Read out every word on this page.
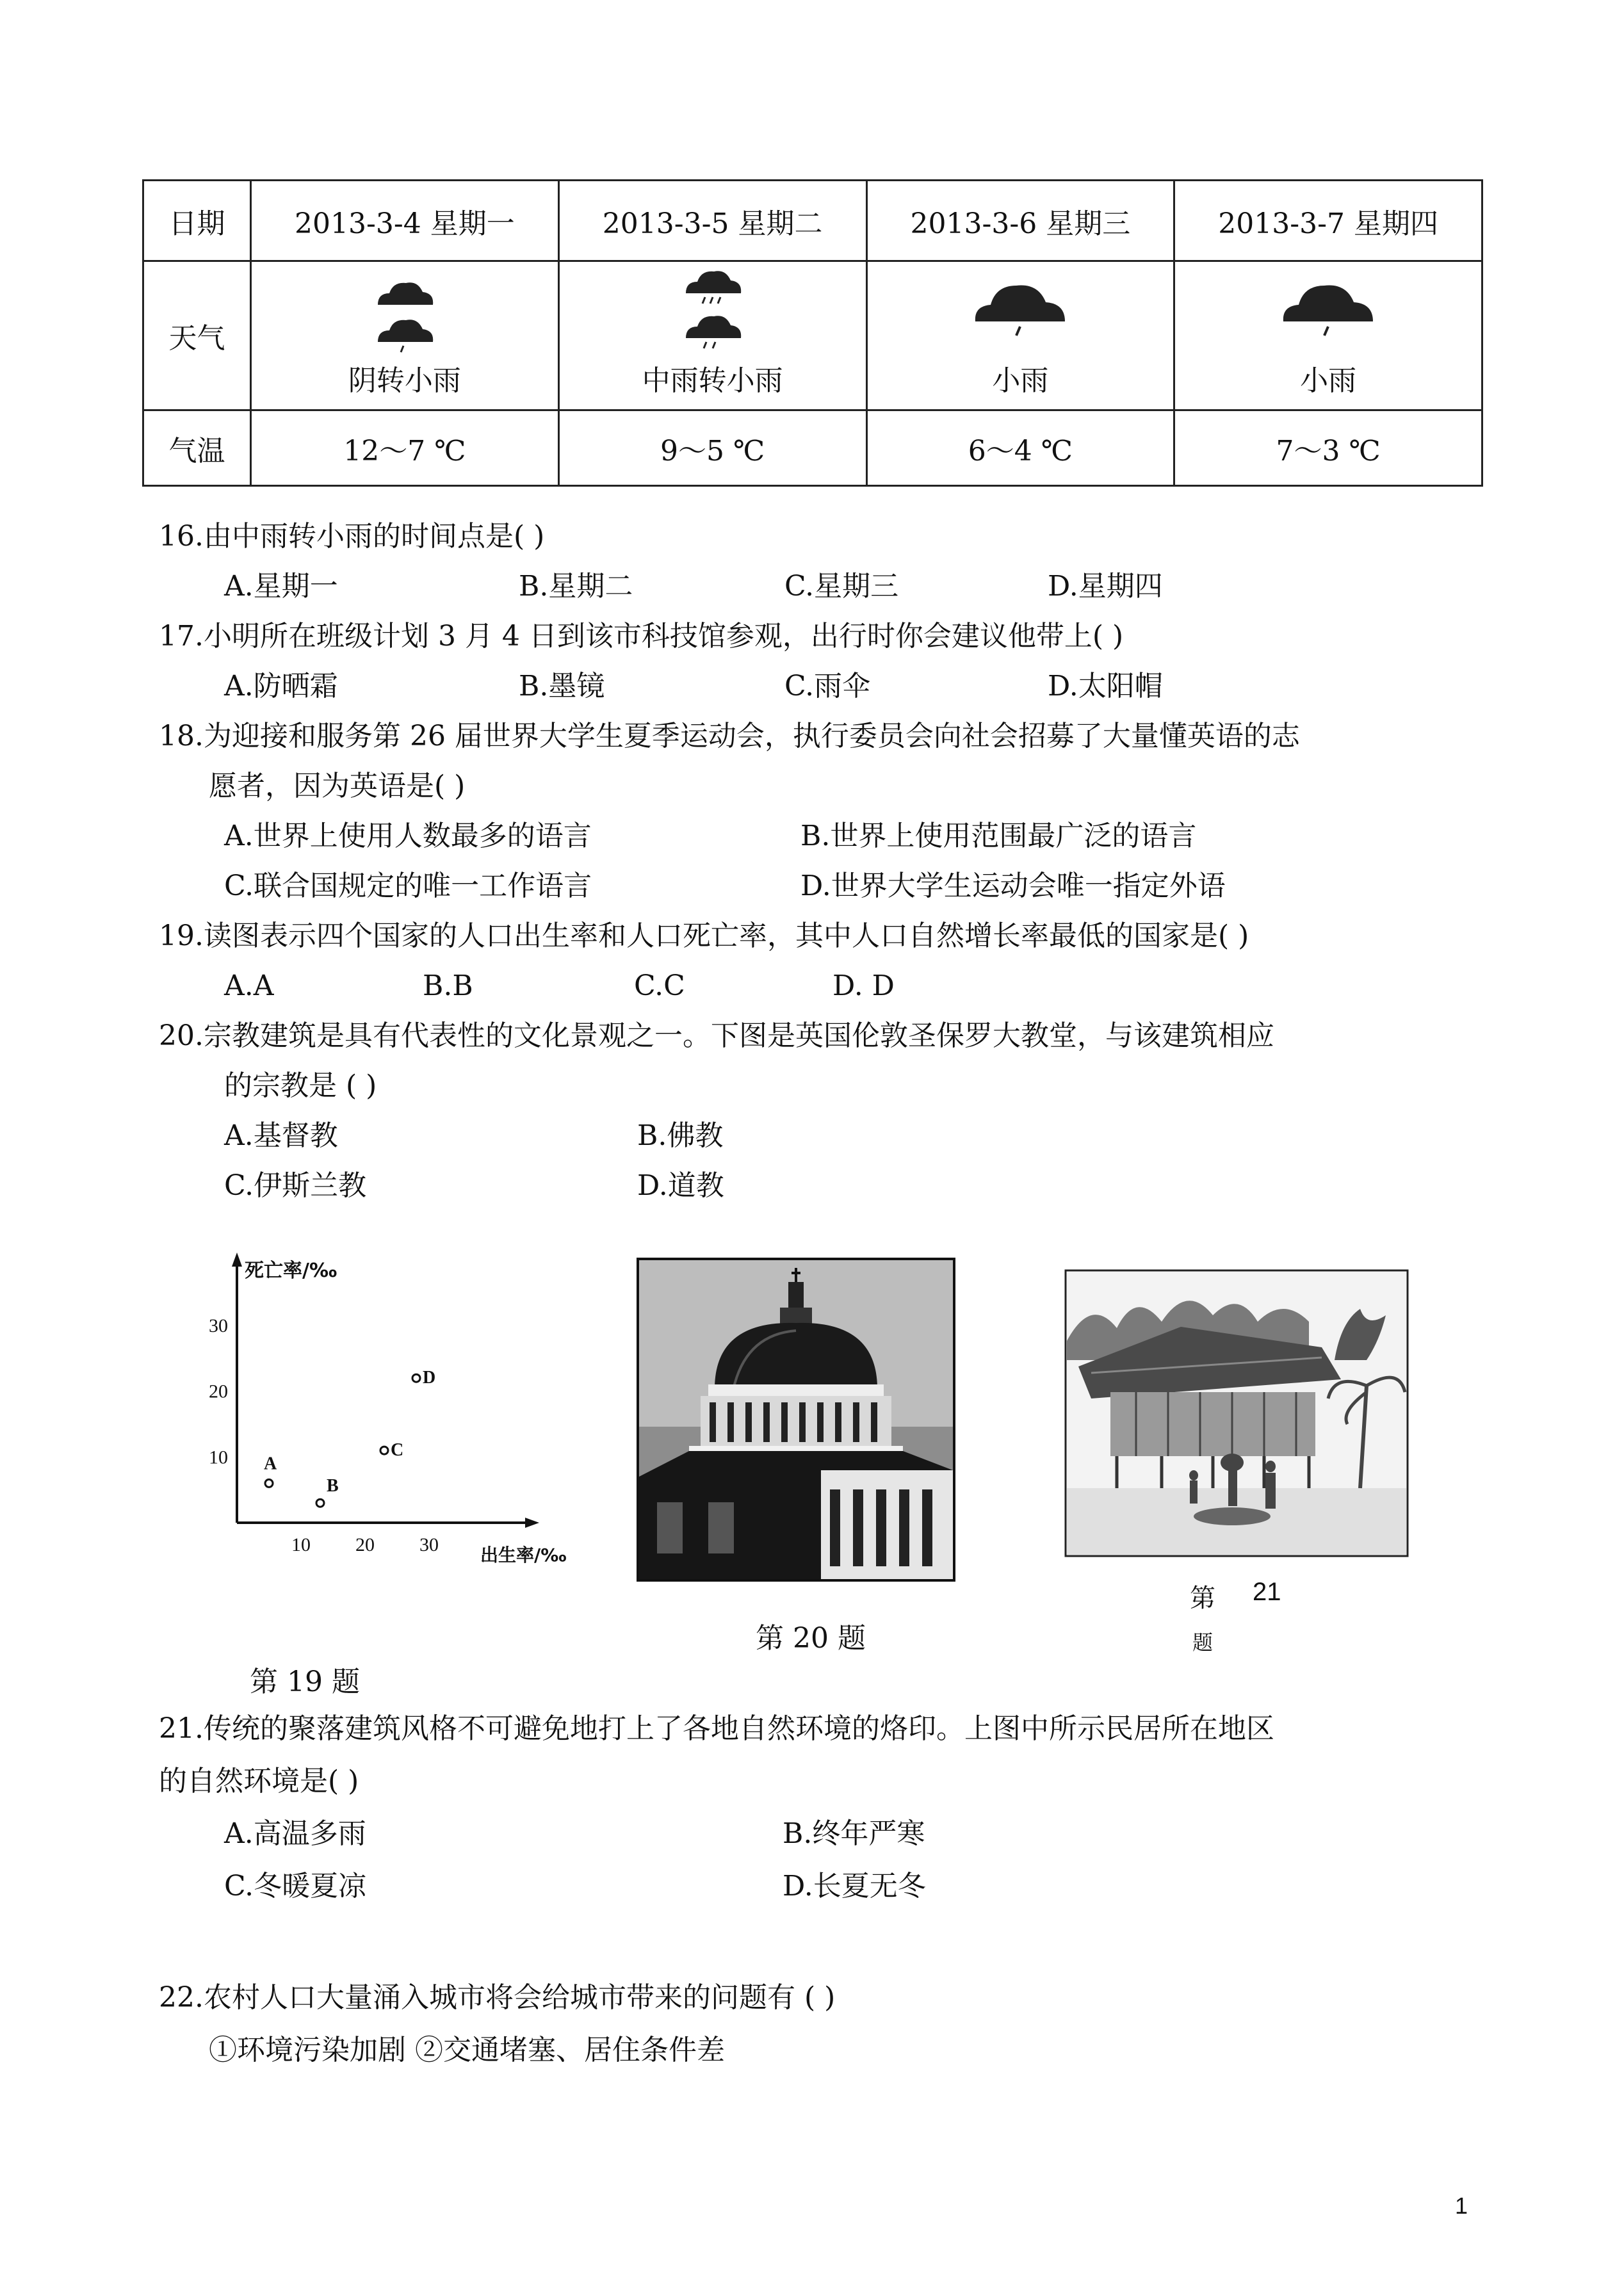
日期	2013-3-4 星期一	2013-3-5 星期二	2013-3-6 星期三	2013-3-7 星期四
天气	阴转小雨	中雨转小雨	小雨	小雨

气温	12～7 ℃	9～5 ℃	6～4 ℃	7～3 ℃
16.由中雨转小雨的时间点是( )
A.星期一	B.星期二	C.星期三	D.星期四
17.小明所在班级计划 3 月 4 日到该市科技馆参观，出行时你会建议他带上( )
A.防晒霜	B.墨镜	C.雨伞	D.太阳帽
18.为迎接和服务第 26 届世界大学生夏季运动会，执行委员会向社会招募了大量懂英语的志
愿者，因为英语是( )
A.世界上使用人数最多的语言	B.世界上使用范围最广泛的语言
C.联合国规定的唯一工作语言	D.世界大学生运动会唯一指定外语
19.读图表示四个国家的人口出生率和人口死亡率，其中人口自然增长率最低的国家是( )
A.A	B.B	C.C	D. D
20.宗教建筑是具有代表性的文化景观之一。下图是英国伦敦圣保罗大教堂，与该建筑相应
的宗教是 ( )
A.基督教	B.佛教
C.伊斯兰教	D.道教
死亡率/‰
出生率/‰
10 20 30
10
20
30
A
B
C
D
第 19 题
第 20 题
第 21
题
21.传统的聚落建筑风格不可避免地打上了各地自然环境的烙印。上图中所示民居所在地区
的自然环境是( )
A.高温多雨	B.终年严寒
C.冬暖夏凉	D.长夏无冬
22.农村人口大量涌入城市将会给城市带来的问题有 ( )
①环境污染加剧 ②交通堵塞、居住条件差
1
